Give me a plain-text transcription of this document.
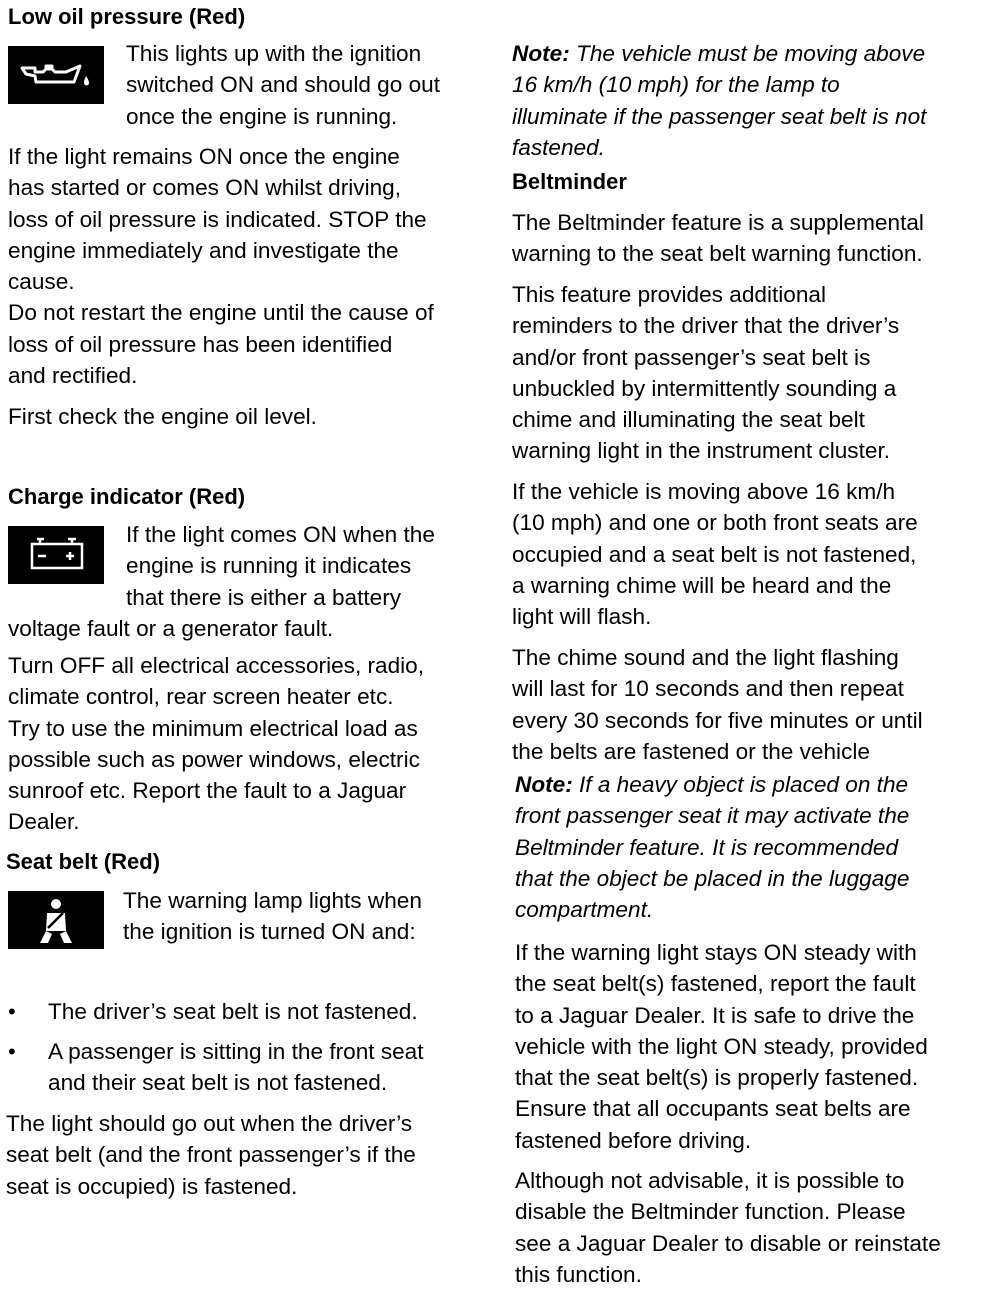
Low oil pressure (Red)
This lights up with the ignition
switched ON and should go out
once the engine is running.
If the light remains ON once the engine
has started or comes ON whilst driving,
loss of oil pressure is indicated. STOP the
engine immediately and investigate the
cause.
Do not restart the engine until the cause of
loss of oil pressure has been identified
and rectified.
First check the engine oil level.
Charge indicator (Red)
If the light comes ON when the
engine is running it indicates
that there is either a battery
voltage fault or a generator fault.
Turn OFF all electrical accessories, radio,
climate control, rear screen heater etc.
Try to use the minimum electrical load as
possible such as power windows, electric
sunroof etc. Report the fault to a Jaguar
Dealer.
Seat belt (Red)
The warning lamp lights when
the ignition is turned ON and:
• The driver’s seat belt is not fastened.
• A passenger is sitting in the front seat
and their seat belt is not fastened.
The light should go out when the driver’s
seat belt (and the front passenger’s if the
seat is occupied) is fastened.
Note: The vehicle must be moving above
16 km/h (10 mph) for the lamp to
illuminate if the passenger seat belt is not
fastened.
Beltminder
The Beltminder feature is a supplemental
warning to the seat belt warning function.
This feature provides additional
reminders to the driver that the driver’s
and/or front passenger’s seat belt is
unbuckled by intermittently sounding a
chime and illuminating the seat belt
warning light in the instrument cluster.
If the vehicle is moving above 16 km/h
(10 mph) and one or both front seats are
occupied and a seat belt is not fastened,
a warning chime will be heard and the
light will flash.
The chime sound and the light flashing
will last for 10 seconds and then repeat
every 30 seconds for five minutes or until
the belts are fastened or the vehicle
Note: If a heavy object is placed on the
front passenger seat it may activate the
Beltminder feature. It is recommended
that the object be placed in the luggage
compartment.
If the warning light stays ON steady with
the seat belt(s) fastened, report the fault
to a Jaguar Dealer. It is safe to drive the
vehicle with the light ON steady, provided
that the seat belt(s) is properly fastened.
Ensure that all occupants seat belts are
fastened before driving.
Although not advisable, it is possible to
disable the Beltminder function. Please
see a Jaguar Dealer to disable or reinstate
this function.
